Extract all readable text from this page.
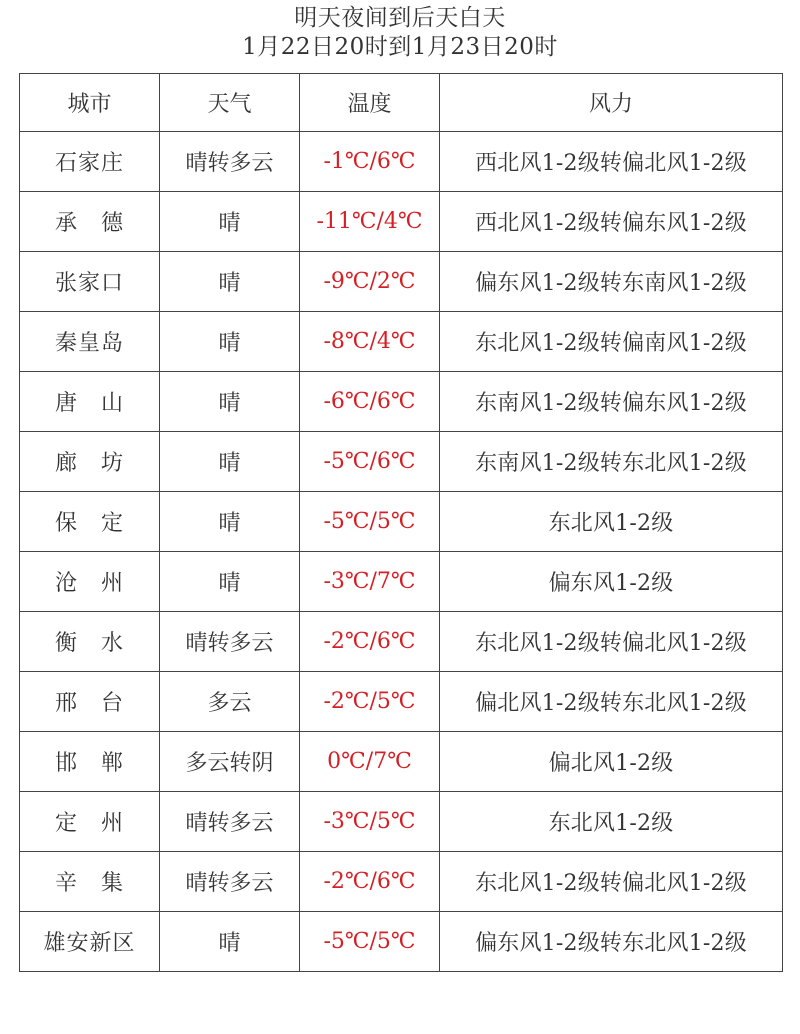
明天夜间到后天白天
1月22日20时到1月23日20时
城市	天气	温度	风力
石家庄	晴转多云	-1℃/6℃	西北风1-2级转偏北风1-2级
承　德	晴	-11℃/4℃	西北风1-2级转偏东风1-2级
张家口	晴	-9℃/2℃	偏东风1-2级转东南风1-2级
秦皇岛	晴	-8℃/4℃	东北风1-2级转偏南风1-2级
唐　山	晴	-6℃/6℃	东南风1-2级转偏东风1-2级
廊　坊	晴	-5℃/6℃	东南风1-2级转东北风1-2级
保　定	晴	-5℃/5℃	东北风1-2级
沧　州	晴	-3℃/7℃	偏东风1-2级
衡　水	晴转多云	-2℃/6℃	东北风1-2级转偏北风1-2级
邢　台	多云	-2℃/5℃	偏北风1-2级转东北风1-2级
邯　郸	多云转阴	0℃/7℃	偏北风1-2级
定　州	晴转多云	-3℃/5℃	东北风1-2级
辛　集	晴转多云	-2℃/6℃	东北风1-2级转偏北风1-2级
雄安新区	晴	-5℃/5℃	偏东风1-2级转东北风1-2级
